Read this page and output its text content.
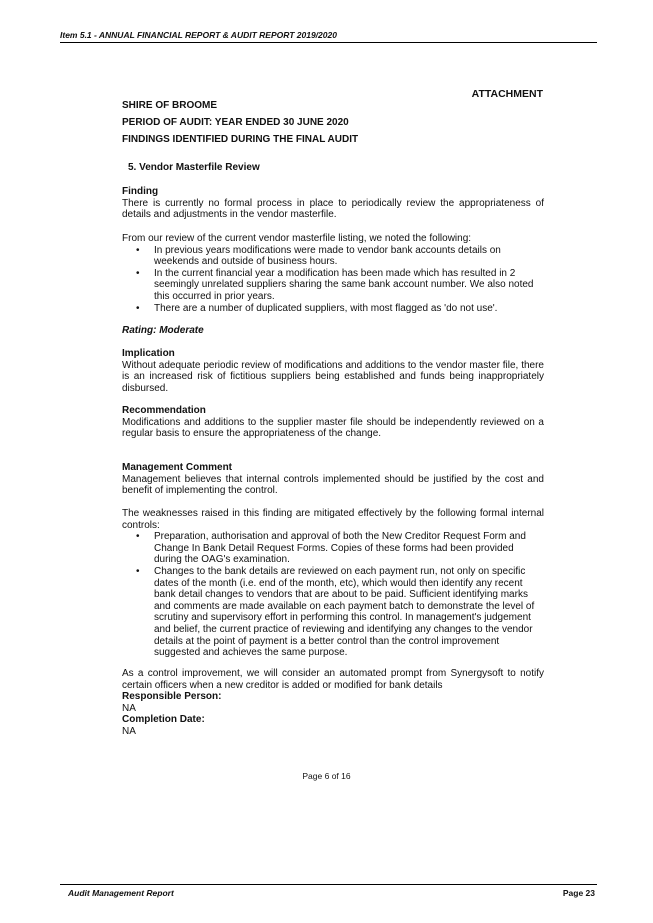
Item 5.1 - ANNUAL FINANCIAL REPORT & AUDIT REPORT 2019/2020
ATTACHMENT
SHIRE OF BROOME
PERIOD OF AUDIT: YEAR ENDED 30 JUNE 2020
FINDINGS IDENTIFIED DURING THE FINAL AUDIT
5. Vendor Masterfile Review
Finding

There is currently no formal process in place to periodically review the appropriateness of details and adjustments in the vendor masterfile.

From our review of the current vendor masterfile listing, we noted the following:

• In previous years modifications were made to vendor bank accounts details on weekends and outside of business hours.
• In the current financial year a modification has been made which has resulted in 2 seemingly unrelated suppliers sharing the same bank account number. We also noted this occurred in prior years.
• There are a number of duplicated suppliers, with most flagged as 'do not use'.
Rating: Moderate
Implication

Without adequate periodic review of modifications and additions to the vendor master file, there is an increased risk of fictitious suppliers being established and funds being inappropriately disbursed.

Recommendation

Modifications and additions to the supplier master file should be independently reviewed on a regular basis to ensure the appropriateness of the change.

Management Comment

Management believes that internal controls implemented should be justified by the cost and benefit of implementing the control.

The weaknesses raised in this finding are mitigated effectively by the following formal internal controls:

• Preparation, authorisation and approval of both the New Creditor Request Form and Change In Bank Detail Request Forms. Copies of these forms had been provided during the OAG's examination.
• Changes to the bank details are reviewed on each payment run, not only on specific dates of the month (i.e. end of the month, etc), which would then identify any recent bank detail changes to vendors that are about to be paid. Sufficient identifying marks and comments are made available on each payment batch to demonstrate the level of scrutiny and supervisory effort in performing this control. In management's judgement and belief, the current practice of reviewing and identifying any changes to the vendor details at the point of payment is a better control than the control improvement suggested and achieves the same purpose.

As a control improvement, we will consider an automated prompt from Synergysoft to notify certain officers when a new creditor is added or modified for bank details

Responsible Person:
NA
Completion Date:
NA
Page 6 of 16
Audit Management Report	Page 23
